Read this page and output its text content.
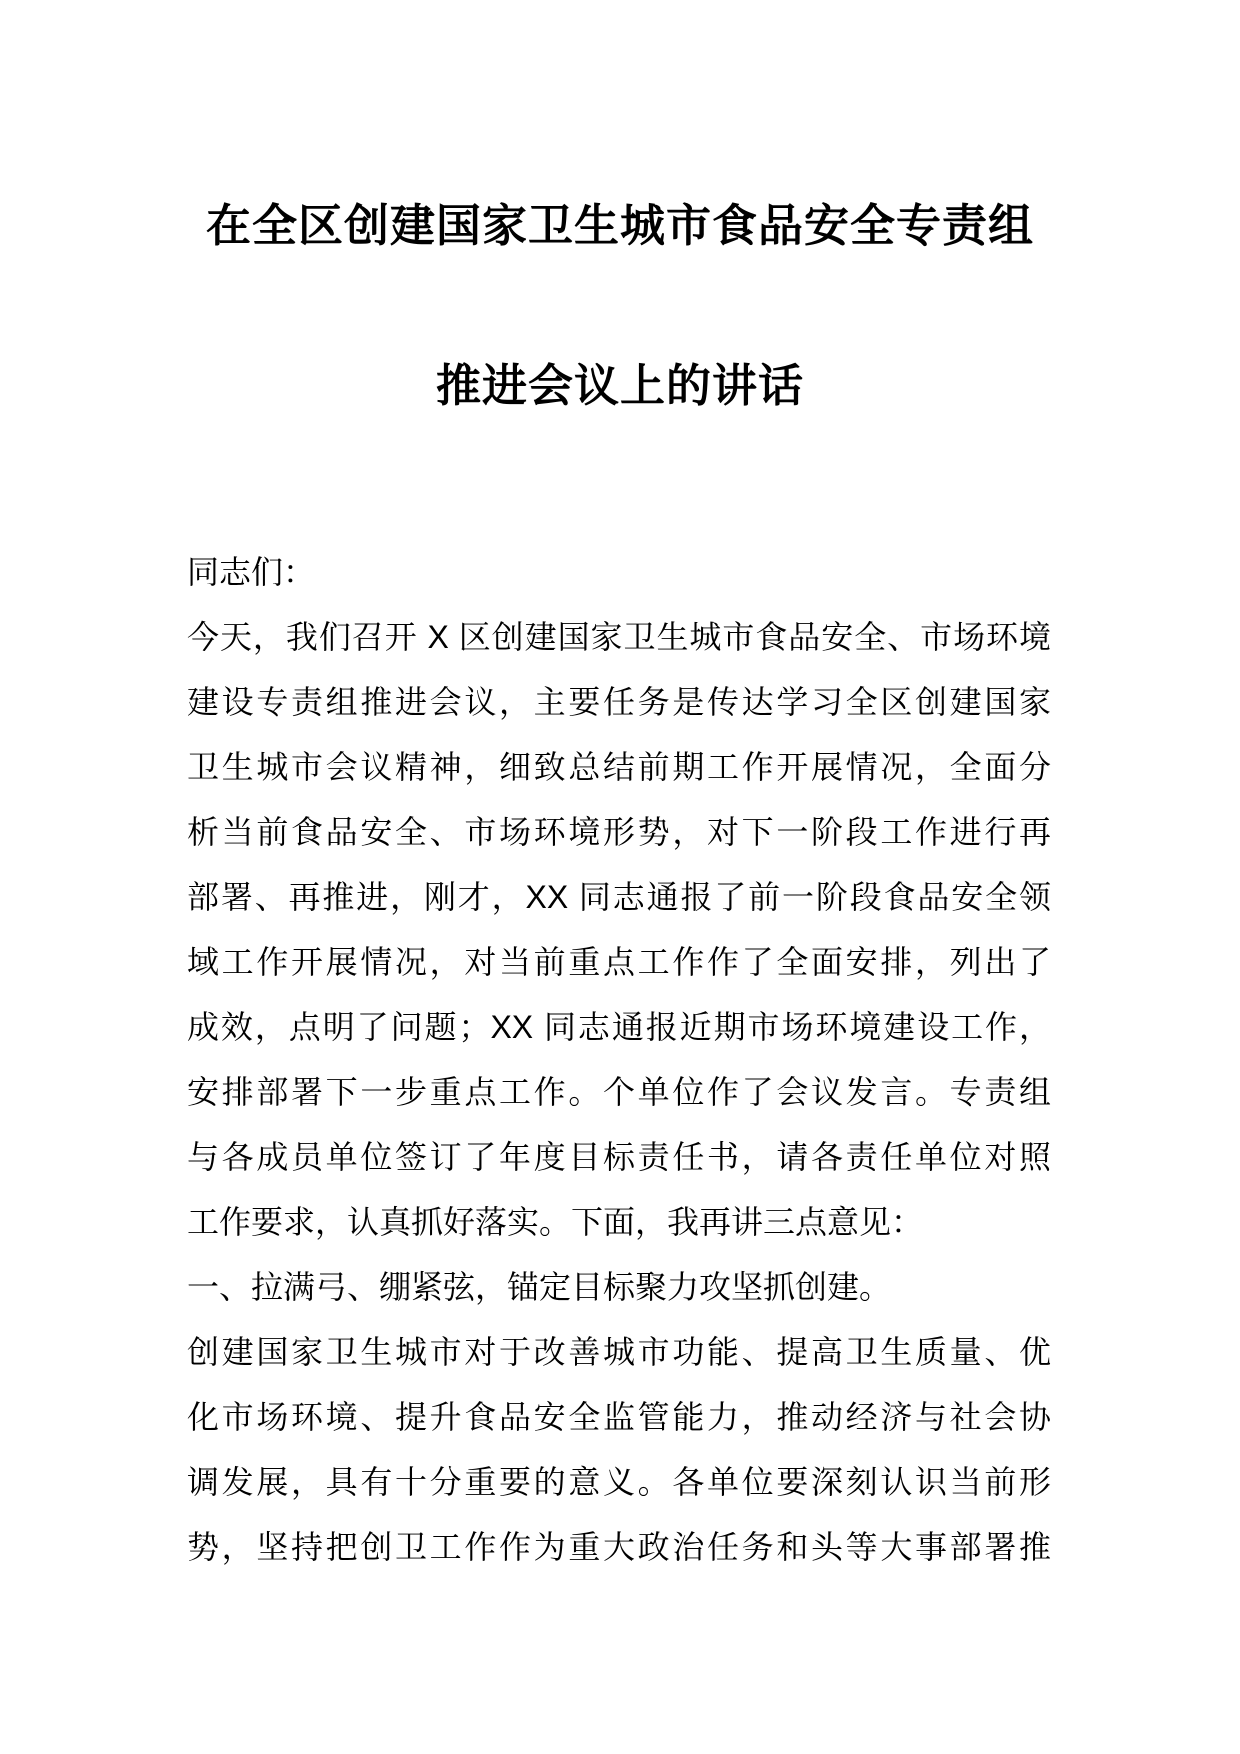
在全区创建国家卫生城市食品安全专责组
推进会议上的讲话
同志们：
今天，我们召开 X 区创建国家卫生城市食品安全、市场环境
建设专责组推进会议，主要任务是传达学习全区创建国家
卫生城市会议精神，细致总结前期工作开展情况，全面分
析当前食品安全、市场环境形势，对下一阶段工作进行再
部署、再推进，刚才，XX 同志通报了前一阶段食品安全领
域工作开展情况，对当前重点工作作了全面安排，列出了
成效，点明了问题；XX 同志通报近期市场环境建设工作，
安排部署下一步重点工作。个单位作了会议发言。专责组
与各成员单位签订了年度目标责任书，请各责任单位对照
工作要求，认真抓好落实。下面，我再讲三点意见：
一、拉满弓、绷紧弦，锚定目标聚力攻坚抓创建。
创建国家卫生城市对于改善城市功能、提高卫生质量、优
化市场环境、提升食品安全监管能力，推动经济与社会协
调发展，具有十分重要的意义。各单位要深刻认识当前形
势，坚持把创卫工作作为重大政治任务和头等大事部署推
